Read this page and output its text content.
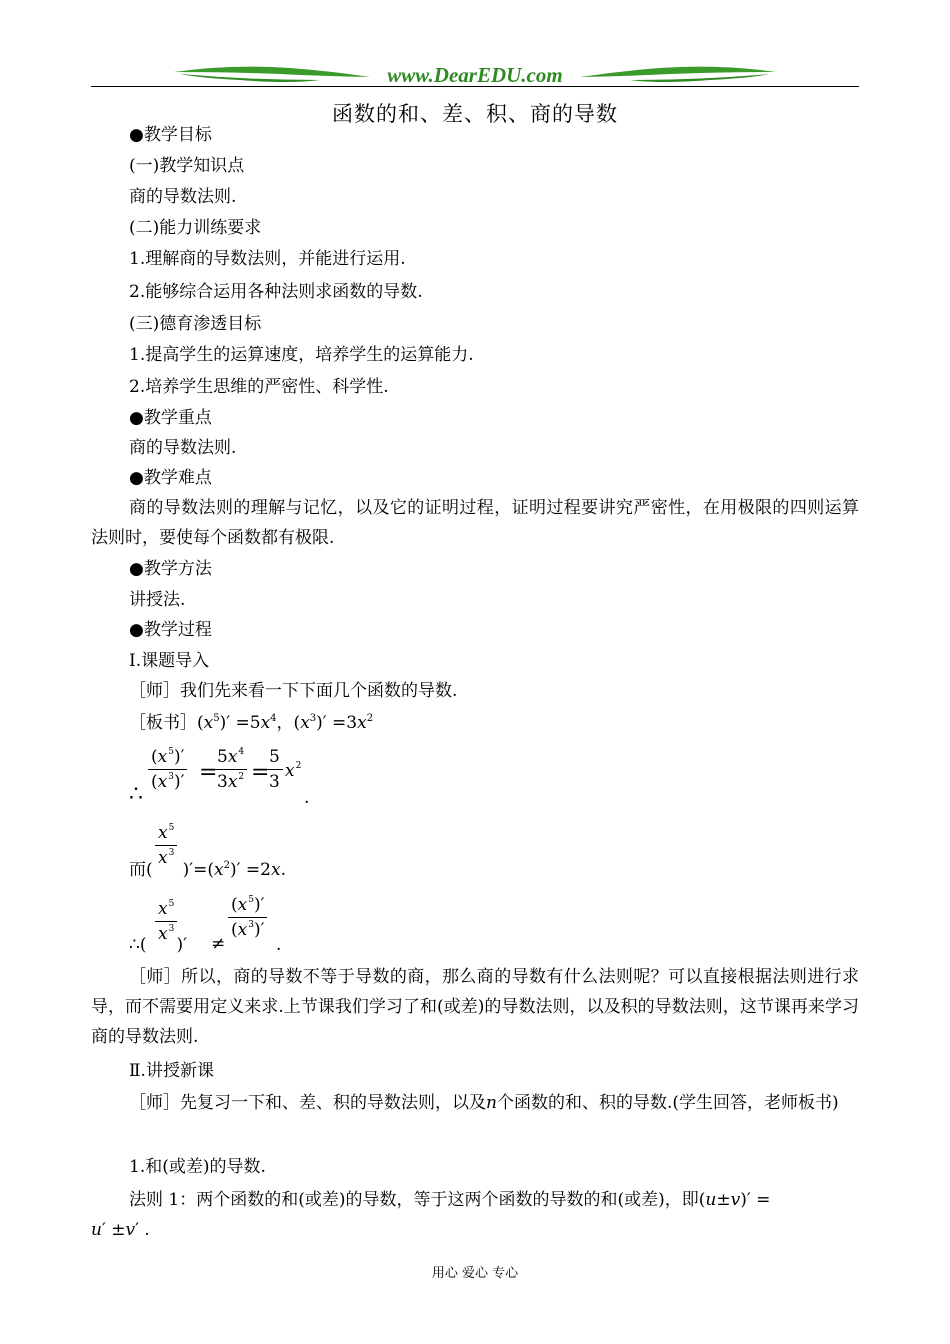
www.DearEDU.com
函数的和、差、积、商的导数
●教学目标
(一)教学知识点
商的导数法则.
(二)能力训练要求
1.理解商的导数法则，并能进行运用.
2.能够综合运用各种法则求函数的导数.
(三)德育渗透目标
1.提高学生的运算速度，培养学生的运算能力.
2.培养学生思维的严密性、科学性.
●教学重点
商的导数法则.
●教学难点
商的导数法则的理解与记忆，以及它的证明过程，证明过程要讲究严密性，在用极限的四则运算法则时，要使每个函数都有极限.
●教学方法
讲授法.
●教学过程
Ⅰ.课题导入
［师］我们先来看一下下面几个函数的导数.
［板书$](x^5)' =5x^4$，$(x^3)' =3x^2$
∴
$(x^5)'$
$(x^3)'$ =
$5x^4$
$3x^2$ =
5
3
$x^2$
.
$x^5$
$x^3$
而( )$'=(x^2)' =2x$.
$x^5$
$x^3$
∴( )′ ≠
$(x^5)'$
$(x^3)'$
.
［师］所以，商的导数不等于导数的商，那么商的导数有什么法则呢？可以直接根据法则进行求导，而不需要用定义来求.上节课我们学习了和(或差)的导数法则，以及积的导数法则，这节课再来学习商的导数法则.
Ⅱ.讲授新课
［师］先复习一下和、差、积的导数法则，以及n个函数的和、积的导数.(学生回答，老师板书)
1.和(或差)的导数.
法则 1：两个函数的和(或差)的导数，等于这两个函数的导数的和(或差)，即(u±v)′ =
u′ ±v′ .
用心 爱心 专心
